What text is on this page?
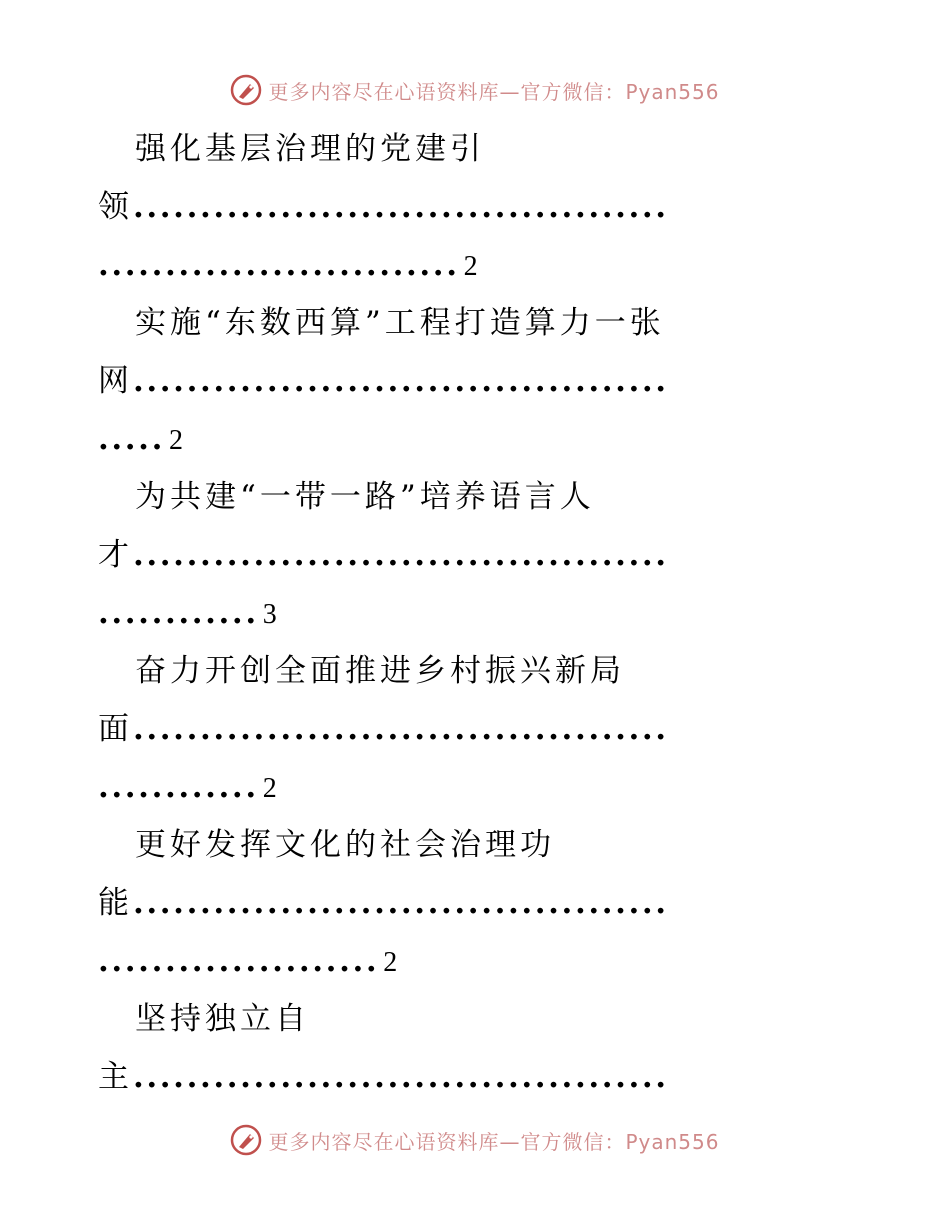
更多内容尽在心语资料库—官方微信：Pyan556
强化基层治理的党建引
领........................................
........................... 2
实施“东数西算”工程打造算力一张
网........................................
..... 2
为共建“一带一路”培养语言人
才........................................
............ 3
奋力开创全面推进乡村振兴新局
面........................................
............ 2
更好发挥文化的社会治理功
能........................................
..................... 2
坚持独立自
主........................................
更多内容尽在心语资料库—官方微信：Pyan556
